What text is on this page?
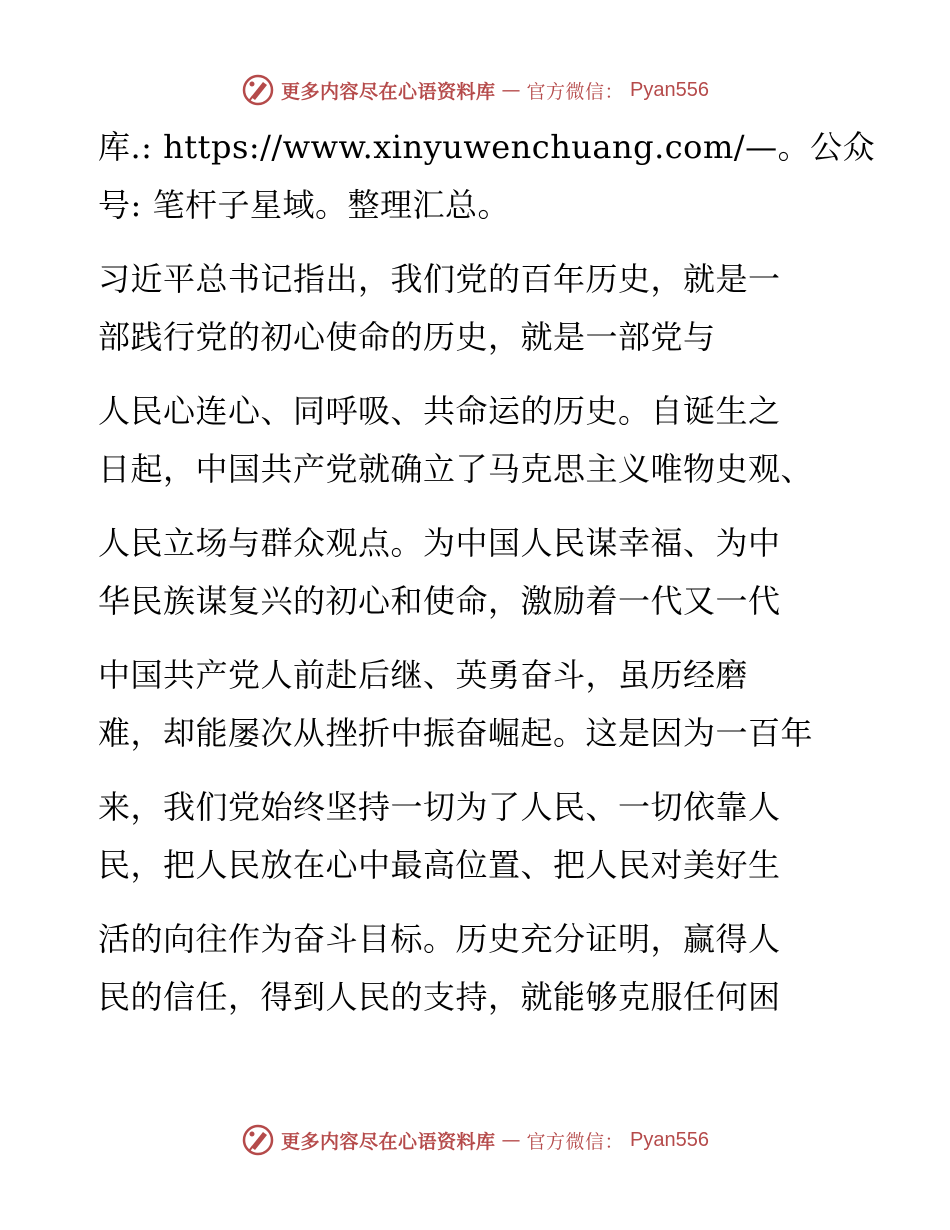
更多内容尽在心语资料库 — 官方微信： Pyan556
库.: https://www.xinyuwenchuang.com/—。公众
号: 笔杆子星域。整理汇总。
习近平总书记指出，我们党的百年历史，就是一
部践行党的初心使命的历史，就是一部党与
人民心连心、同呼吸、共命运的历史。自诞生之
日起，中国共产党就确立了马克思主义唯物史观、
人民立场与群众观点。为中国人民谋幸福、为中
华民族谋复兴的初心和使命，激励着一代又一代
中国共产党人前赴后继、英勇奋斗，虽历经磨
难，却能屡次从挫折中振奋崛起。这是因为一百年
来，我们党始终坚持一切为了人民、一切依靠人
民，把人民放在心中最高位置、把人民对美好生
活的向往作为奋斗目标。历史充分证明，赢得人
民的信任，得到人民的支持，就能够克服任何困
更多内容尽在心语资料库 — 官方微信： Pyan556
